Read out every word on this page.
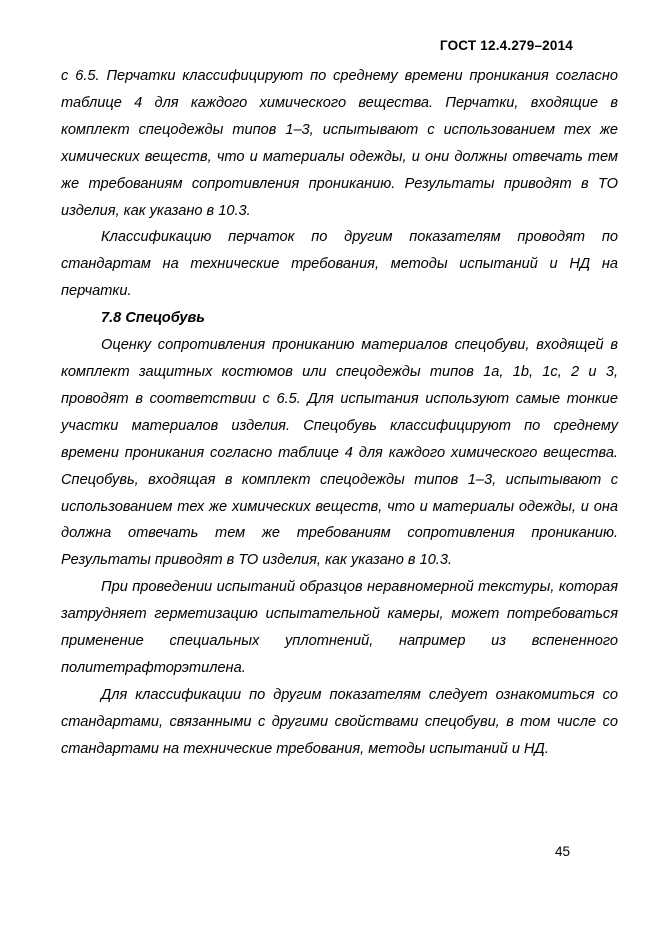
ГОСТ 12.4.279–2014

с 6.5. Перчатки классифицируют по среднему времени проникания согласно таблице 4 для каждого химического вещества. Перчатки, входящие в комплект спецодежды типов 1–3, испытывают с использованием тех же химических веществ, что и материалы одежды, и они должны отвечать тем же требованиям сопротивления прониканию. Результаты приводят в ТО изделия, как указано в 10.3.

Классификацию перчаток по другим показателям проводят по стандартам на технические требования, методы испытаний и НД на перчатки.

7.8 Спецобувь

Оценку сопротивления прониканию материалов спецобуви, входящей в комплект защитных костюмов или спецодежды типов 1a, 1b, 1c, 2 и 3, проводят в соответствии с 6.5. Для испытания используют самые тонкие участки материалов изделия. Спецобувь классифицируют по среднему времени проникания согласно таблице 4 для каждого химического вещества. Спецобувь, входящая в комплект спецодежды типов 1–3, испытывают с использованием тех же химических веществ, что и материалы одежды, и она должна отвечать тем же требованиям сопротивления прониканию. Результаты приводят в ТО изделия, как указано в 10.3.

При проведении испытаний образцов неравномерной текстуры, которая затрудняет герметизацию испытательной камеры, может потребоваться применение специальных уплотнений, например из вспененного политетрафторэтилена.

Для классификации по другим показателям следует ознакомиться со стандартами, связанными с другими свойствами спецобуви, в том числе со стандартами на технические требования, методы испытаний и НД.

45
